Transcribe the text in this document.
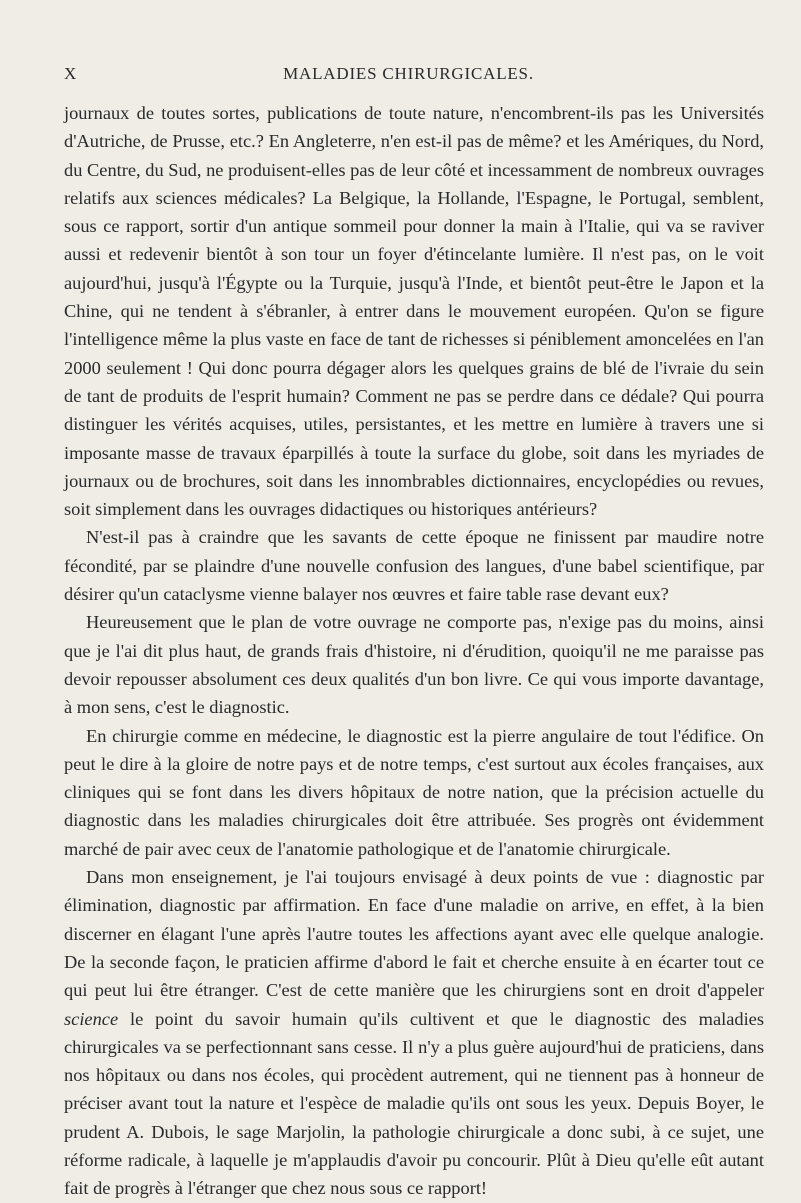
X	MALADIES CHIRURGICALES.

journaux de toutes sortes, publications de toute nature, n'encombrent-ils pas les Universités d'Autriche, de Prusse, etc.? En Angleterre, n'en est-il pas de même? et les Amériques, du Nord, du Centre, du Sud, ne produisent-elles pas de leur côté et incessamment de nombreux ouvrages relatifs aux sciences médicales? La Belgique, la Hollande, l'Espagne, le Portugal, semblent, sous ce rapport, sortir d'un antique sommeil pour donner la main à l'Italie, qui va se raviver aussi et redevenir bientôt à son tour un foyer d'étincelante lumière. Il n'est pas, on le voit aujourd'hui, jusqu'à l'Égypte ou la Turquie, jusqu'à l'Inde, et bientôt peut-être le Japon et la Chine, qui ne tendent à s'ébranler, à entrer dans le mouvement européen. Qu'on se figure l'intelligence même la plus vaste en face de tant de richesses si péniblement amoncelées en l'an 2000 seulement ! Qui donc pourra dégager alors les quelques grains de blé de l'ivraie du sein de tant de produits de l'esprit humain? Comment ne pas se perdre dans ce dédale? Qui pourra distinguer les vérités acquises, utiles, persistantes, et les mettre en lumière à travers une si imposante masse de travaux éparpillés à toute la surface du globe, soit dans les myriades de journaux ou de brochures, soit dans les innombrables dictionnaires, encyclopédies ou revues, soit simplement dans les ouvrages didactiques ou historiques antérieurs?

N'est-il pas à craindre que les savants de cette époque ne finissent par maudire notre fécondité, par se plaindre d'une nouvelle confusion des langues, d'une babel scientifique, par désirer qu'un cataclysme vienne balayer nos œuvres et faire table rase devant eux?

Heureusement que le plan de votre ouvrage ne comporte pas, n'exige pas du moins, ainsi que je l'ai dit plus haut, de grands frais d'histoire, ni d'érudition, quoiqu'il ne me paraisse pas devoir repousser absolument ces deux qualités d'un bon livre. Ce qui vous importe davantage, à mon sens, c'est le diagnostic.

En chirurgie comme en médecine, le diagnostic est la pierre angulaire de tout l'édifice. On peut le dire à la gloire de notre pays et de notre temps, c'est surtout aux écoles françaises, aux cliniques qui se font dans les divers hôpitaux de notre nation, que la précision actuelle du diagnostic dans les maladies chirurgicales doit être attribuée. Ses progrès ont évidemment marché de pair avec ceux de l'anatomie pathologique et de l'anatomie chirurgicale.

Dans mon enseignement, je l'ai toujours envisagé à deux points de vue : diagnostic par élimination, diagnostic par affirmation. En face d'une maladie on arrive, en effet, à la bien discerner en élagant l'une après l'autre toutes les affections ayant avec elle quelque analogie. De la seconde façon, le praticien affirme d'abord le fait et cherche ensuite à en écarter tout ce qui peut lui être étranger. C'est de cette manière que les chirurgiens sont en droit d'appeler science le point du savoir humain qu'ils cultivent et que le diagnostic des maladies chirurgicales va se perfectionnant sans cesse. Il n'y a plus guère aujourd'hui de praticiens, dans nos hôpitaux ou dans nos écoles, qui procèdent autrement, qui ne tiennent pas à honneur de préciser avant tout la nature et l'espèce de maladie qu'ils ont sous les yeux. Depuis Boyer, le prudent A. Dubois, le sage Marjolin, la pathologie chirurgicale a donc subi, à ce sujet, une réforme radicale, à laquelle je m'applaudis d'avoir pu concourir. Plût à Dieu qu'elle eût autant fait de progrès à l'étranger que chez nous sous ce rapport!
